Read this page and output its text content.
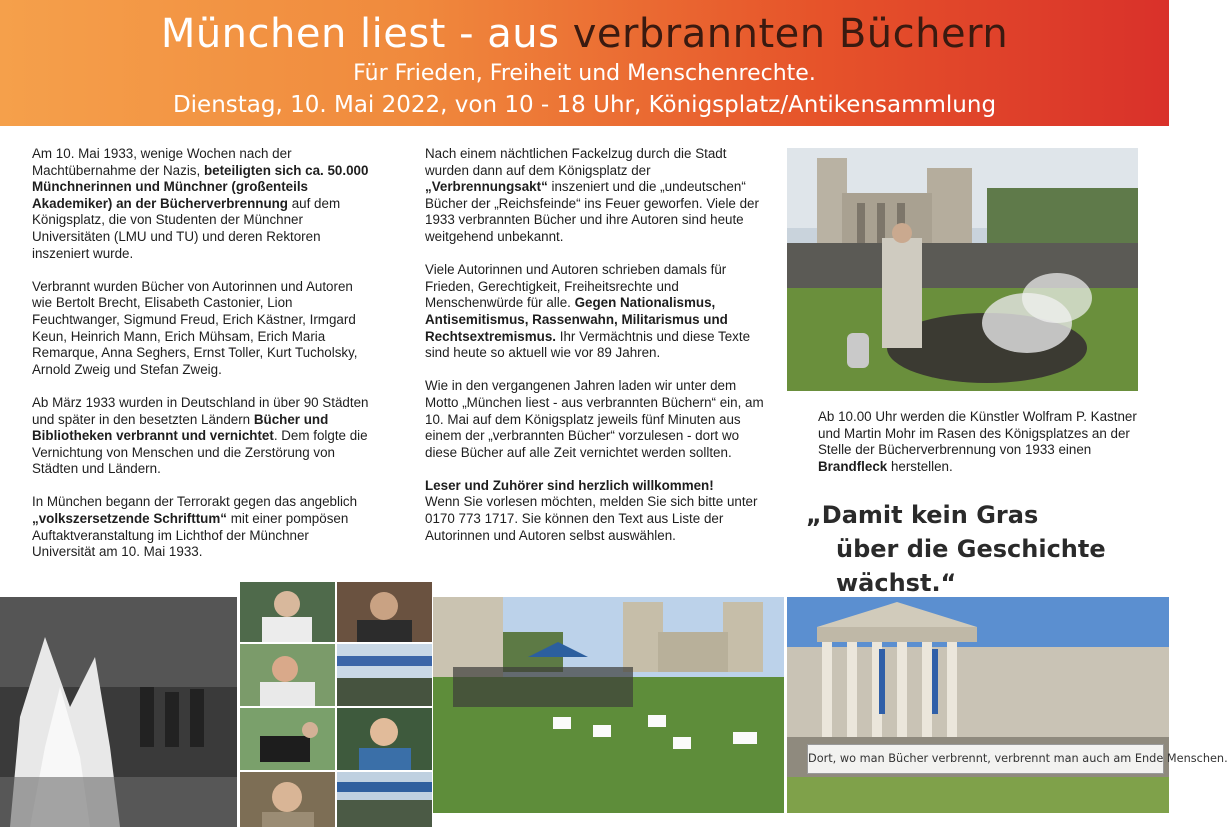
München liest - aus verbrannten Büchern
Für Frieden, Freiheit und Menschenrechte.
Dienstag, 10. Mai 2022, von 10 - 18 Uhr, Königsplatz/Antikensammlung

Am 10. Mai 1933, wenige Wochen nach der Machtübernahme der Nazis, beteiligten sich ca. 50.000 Münchnerinnen und Münchner (großenteils Akademiker) an der Bücherverbrennung auf dem Königsplatz, die von Studenten der Münchner Universitäten (LMU und TU) und deren Rektoren inszeniert wurde.

Verbrannt wurden Bücher von Autorinnen und Autoren wie Bertolt Brecht, Elisabeth Castonier, Lion Feuchtwanger, Sigmund Freud, Erich Kästner, Irmgard Keun, Heinrich Mann, Erich Mühsam, Erich Maria Remarque, Anna Seghers, Ernst Toller, Kurt Tucholsky, Arnold Zweig und Stefan Zweig.

Ab März 1933 wurden in Deutschland in über 90 Städten und später in den besetzten Ländern Bücher und Bibliotheken verbrannt und vernichtet. Dem folgte die Vernichtung von Menschen und die Zerstörung von Städten und Ländern.

In München begann der Terrorakt gegen das angeblich „volkszersetzende Schrifttum“ mit einer pompösen Auftaktveranstaltung im Lichthof der Münchner Universität am 10. Mai 1933.

Nach einem nächtlichen Fackelzug durch die Stadt wurden dann auf dem Königsplatz der „Verbrennungsakt“ inszeniert und die „undeutschen“ Bücher der „Reichsfeinde“ ins Feuer geworfen. Viele der 1933 verbrannten Bücher und ihre Autoren sind heute weitgehend unbekannt.

Viele Autorinnen und Autoren schrieben damals für Frieden, Gerechtigkeit, Freiheitsrechte und Menschenwürde für alle. Gegen Nationalismus, Antisemitismus, Rassenwahn, Militarismus und Rechtsextremismus. Ihr Vermächtnis und diese Texte sind heute so aktuell wie vor 89 Jahren.

Wie in den vergangenen Jahren laden wir unter dem Motto „München liest - aus verbrannten Büchern“ ein, am 10. Mai auf dem Königsplatz jeweils fünf Minuten aus einem der „verbrannten Bücher“ vorzulesen - dort wo diese Bücher auf alle Zeit vernichtet werden sollten.

Leser und Zuhörer sind herzlich willkommen!
Wenn Sie vorlesen möchten, melden Sie sich bitte unter 0170 773 1717. Sie können den Text aus Liste der Autorinnen und Autoren selbst auswählen.

Ab 10.00 Uhr werden die Künstler Wolfram P. Kastner und Martin Mohr im Rasen des Königsplatzes an der Stelle der Bücherverbrennung von 1933 einen Brandfleck herstellen.

„Damit kein Gras
über die Geschichte wächst.“
Dort, wo man Bücher verbrennt, verbrennt man auch am Ende Menschen.
